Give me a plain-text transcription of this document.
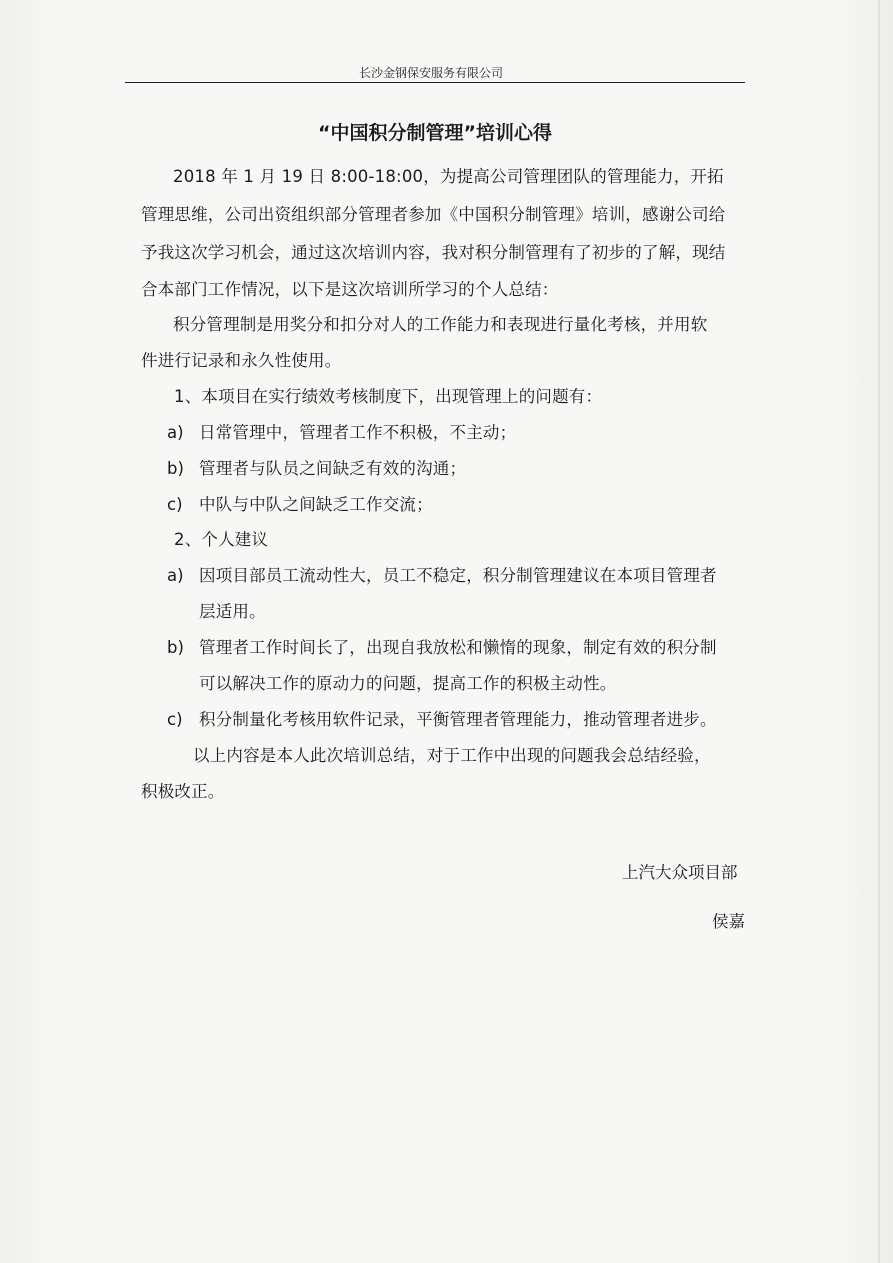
长沙金钢保安服务有限公司
“中国积分制管理”培训心得
2018 年 1 月 19 日 8:00-18:00，为提高公司管理团队的管理能力，开拓
管理思维，公司出资组织部分管理者参加《中国积分制管理》培训，感谢公司给
予我这次学习机会，通过这次培训内容，我对积分制管理有了初步的了解，现结
合本部门工作情况，以下是这次培训所学习的个人总结：
积分管理制是用奖分和扣分对人的工作能力和表现进行量化考核，并用软
件进行记录和永久性使用。
1、本项目在实行绩效考核制度下，出现管理上的问题有：
a) 日常管理中，管理者工作不积极，不主动；
b) 管理者与队员之间缺乏有效的沟通；
c) 中队与中队之间缺乏工作交流；
2、个人建议
a) 因项目部员工流动性大，员工不稳定，积分制管理建议在本项目管理者
层适用。
b) 管理者工作时间长了，出现自我放松和懒惰的现象，制定有效的积分制
可以解决工作的原动力的问题，提高工作的积极主动性。
c) 积分制量化考核用软件记录，平衡管理者管理能力，推动管理者进步。
以上内容是本人此次培训总结，对于工作中出现的问题我会总结经验，
积极改正。
上汽大众项目部
侯嘉
